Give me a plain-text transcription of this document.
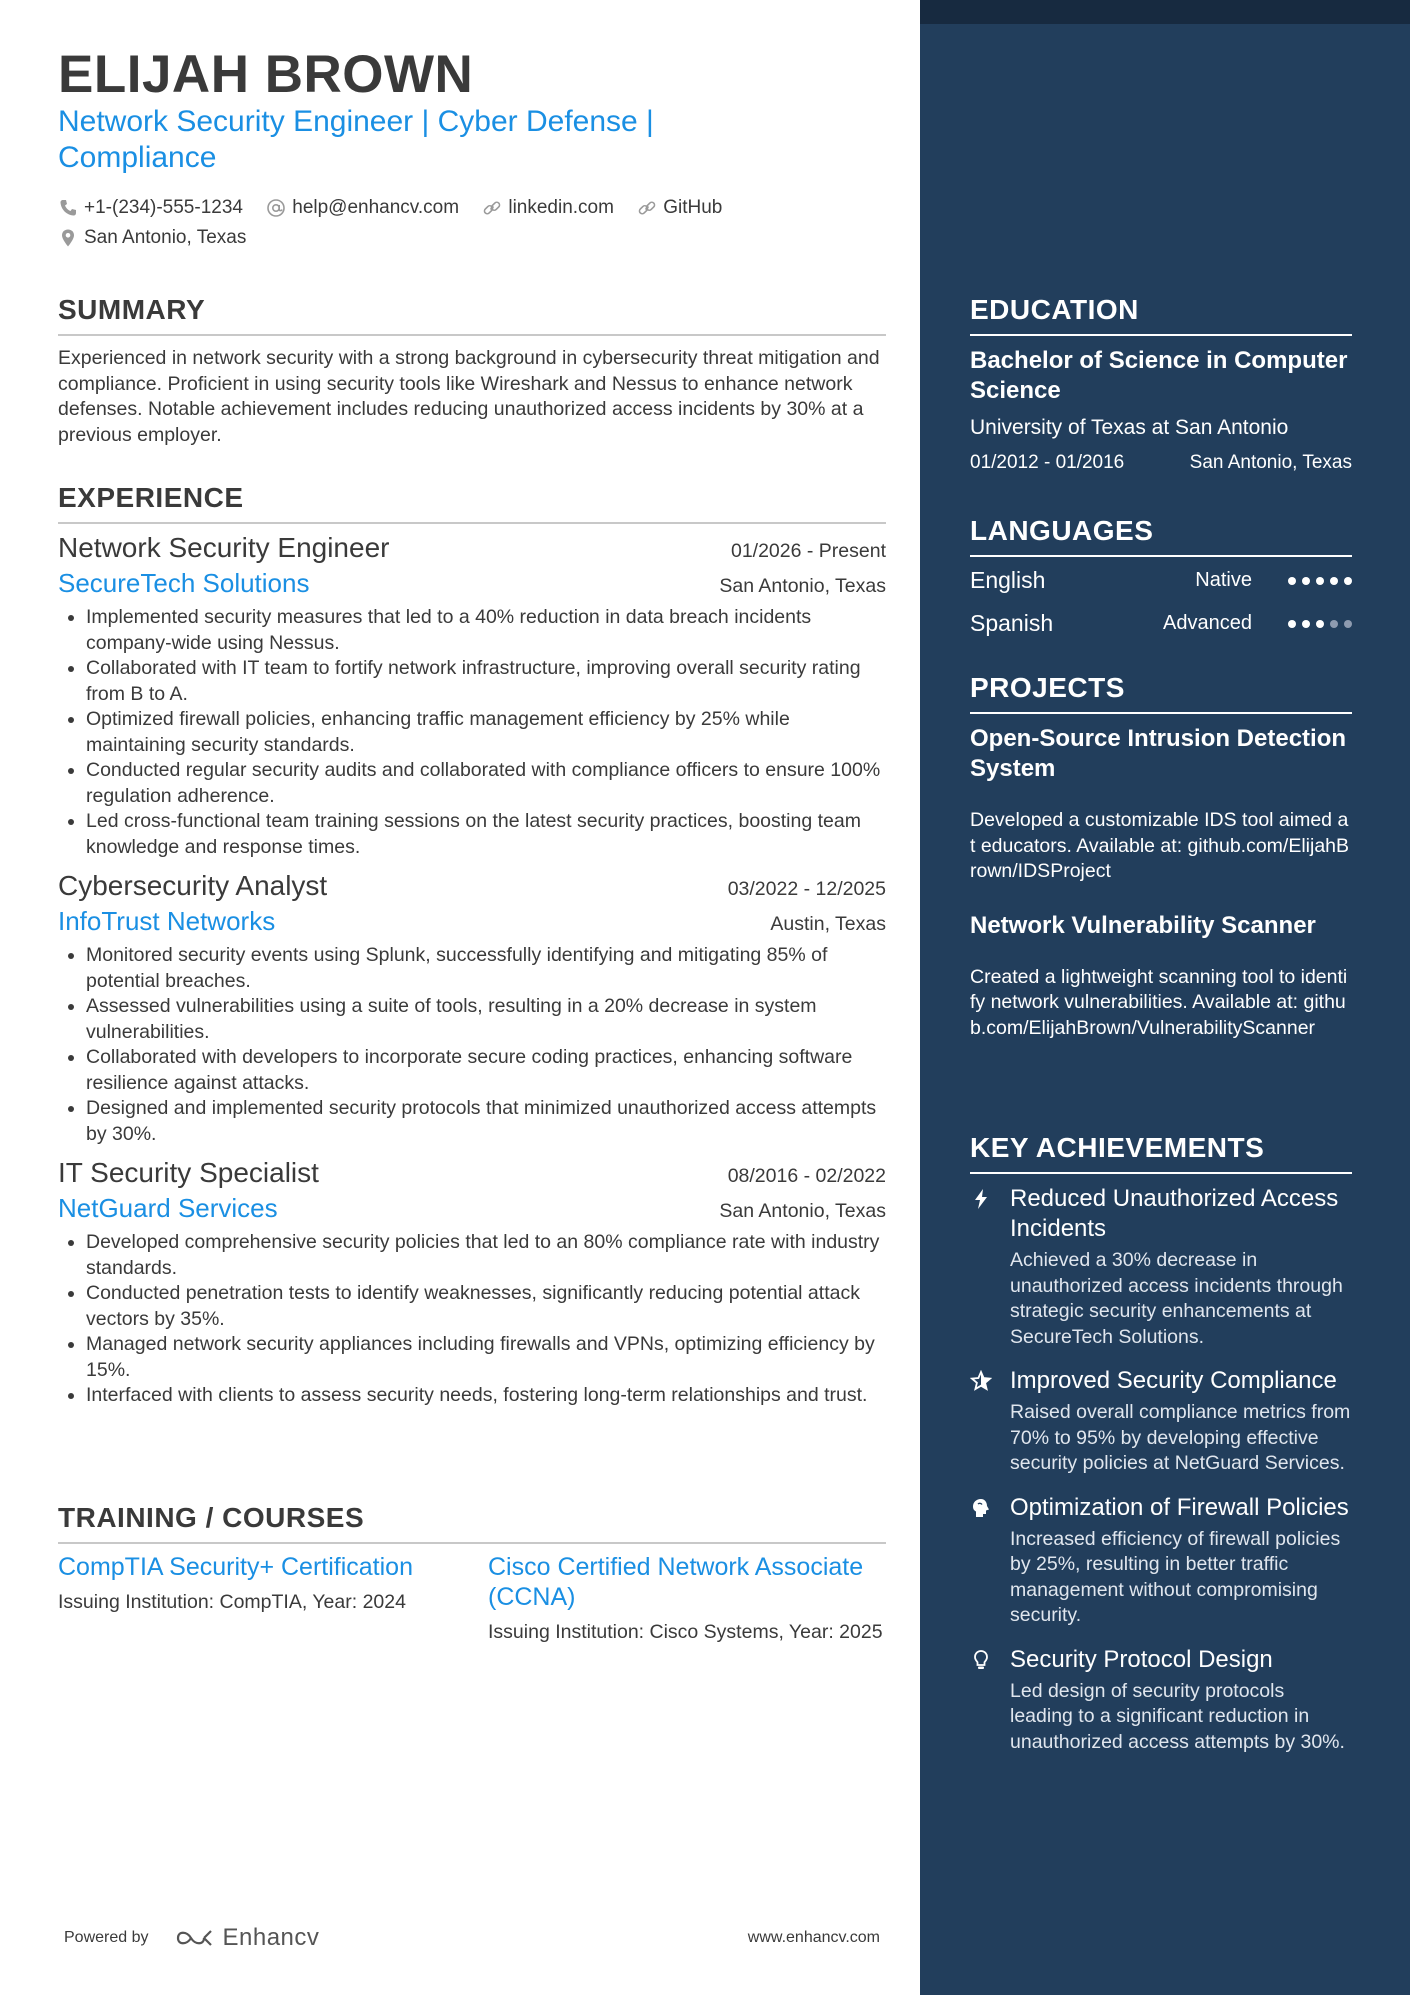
ELIJAH BROWN
Network Security Engineer | Cyber Defense | Compliance
+1-(234)-555-1234
	help@enhancv.com
	linkedin.com
	GitHub

San Antonio, Texas
SUMMARY

Experienced in network security with a strong background in cybersecurity threat mitigation and compliance. Proficient in using security tools like Wireshark and Nessus to enhance network defenses. Notable achievement includes reducing unauthorized access incidents by 30% at a previous employer.

EXPERIENCE
Network Security Engineer	01/2026 - Present
SecureTech Solutions	San Antonio, Texas
• Implemented security measures that led to a 40% reduction in data breach incidents company-wide using Nessus.
• Collaborated with IT team to fortify network infrastructure, improving overall security rating from B to A.
• Optimized firewall policies, enhancing traffic management efficiency by 25% while maintaining security standards.
• Conducted regular security audits and collaborated with compliance officers to ensure 100% regulation adherence.
• Led cross-functional team training sessions on the latest security practices, boosting team knowledge and response times.
Cybersecurity Analyst	03/2022 - 12/2025
InfoTrust Networks	Austin, Texas
• Monitored security events using Splunk, successfully identifying and mitigating 85% of potential breaches.
• Assessed vulnerabilities using a suite of tools, resulting in a 20% decrease in system vulnerabilities.
• Collaborated with developers to incorporate secure coding practices, enhancing software resilience against attacks.
• Designed and implemented security protocols that minimized unauthorized access attempts by 30%.
IT Security Specialist	08/2016 - 02/2022
NetGuard Services	San Antonio, Texas
• Developed comprehensive security policies that led to an 80% compliance rate with industry standards.
• Conducted penetration tests to identify weaknesses, significantly reducing potential attack vectors by 35%.
• Managed network security appliances including firewalls and VPNs, optimizing efficiency by 15%.
• Interfaced with clients to assess security needs, fostering long-term relationships and trust.
TRAINING / COURSES
CompTIA Security+ Certification
Issuing Institution: CompTIA, Year: 2024
Cisco Certified Network Associate (CCNA)
Issuing Institution: Cisco Systems, Year: 2025
Powered by	Enhancv	www.enhancv.com
EDUCATION
Bachelor of Science in Computer Science
University of Texas at San Antonio
01/2012 - 01/2016	San Antonio, Texas
LANGUAGES
English	Native
Spanish	Advanced
PROJECTS
Open-Source Intrusion Detection System
Developed a customizable IDS tool aimed at educators. Available at: github.com/ElijahBrown/IDSProject
Network Vulnerability Scanner
Created a lightweight scanning tool to identify network vulnerabilities. Available at: github.com/ElijahBrown/VulnerabilityScanner
KEY ACHIEVEMENTS
Reduced Unauthorized Access Incidents
Achieved a 30% decrease in unauthorized access incidents through strategic security enhancements at SecureTech Solutions.
Improved Security Compliance
Raised overall compliance metrics from 70% to 95% by developing effective security policies at NetGuard Services.
Optimization of Firewall Policies
Increased efficiency of firewall policies by 25%, resulting in better traffic management without compromising security.
Security Protocol Design
Led design of security protocols leading to a significant reduction in unauthorized access attempts by 30%.
